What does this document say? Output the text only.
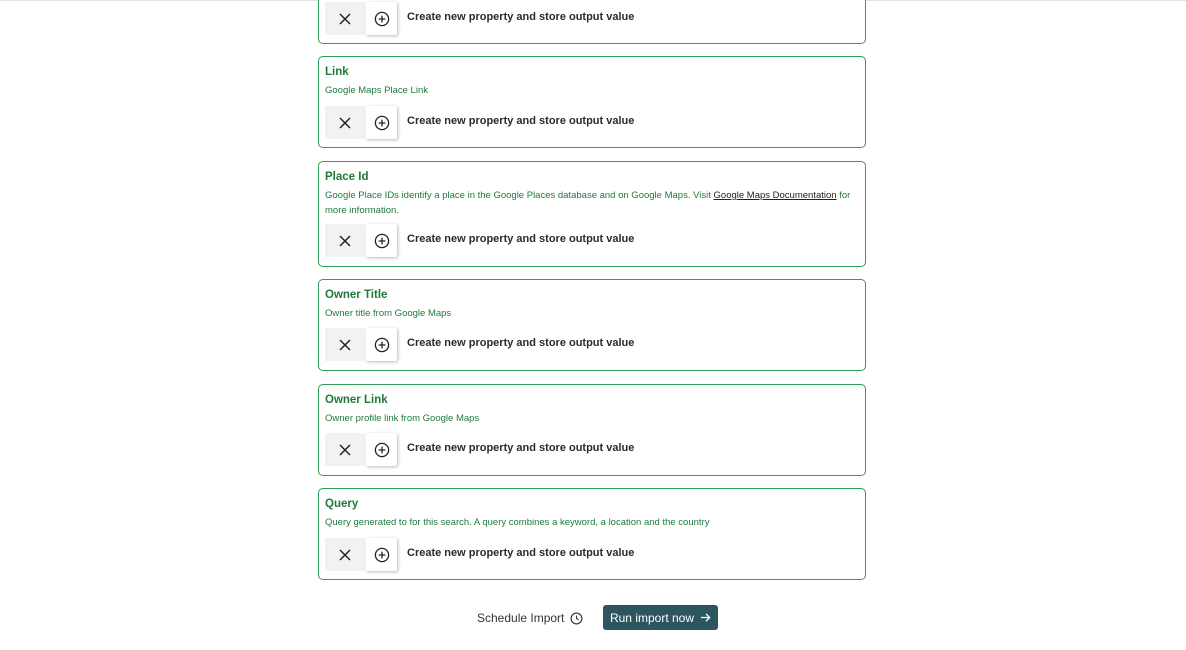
Create new property and store output value
Link
Google Maps Place Link
Create new property and store output value
Place Id
Google Place IDs identify a place in the Google Places database and on Google Maps. Visit Google Maps Documentation for more information.
Create new property and store output value
Owner Title
Owner title from Google Maps
Create new property and store output value
Owner Link
Owner profile link from Google Maps
Create new property and store output value
Query
Query generated to for this search. A query combines a keyword, a location and the country
Create new property and store output value
Schedule Import	Run import now
